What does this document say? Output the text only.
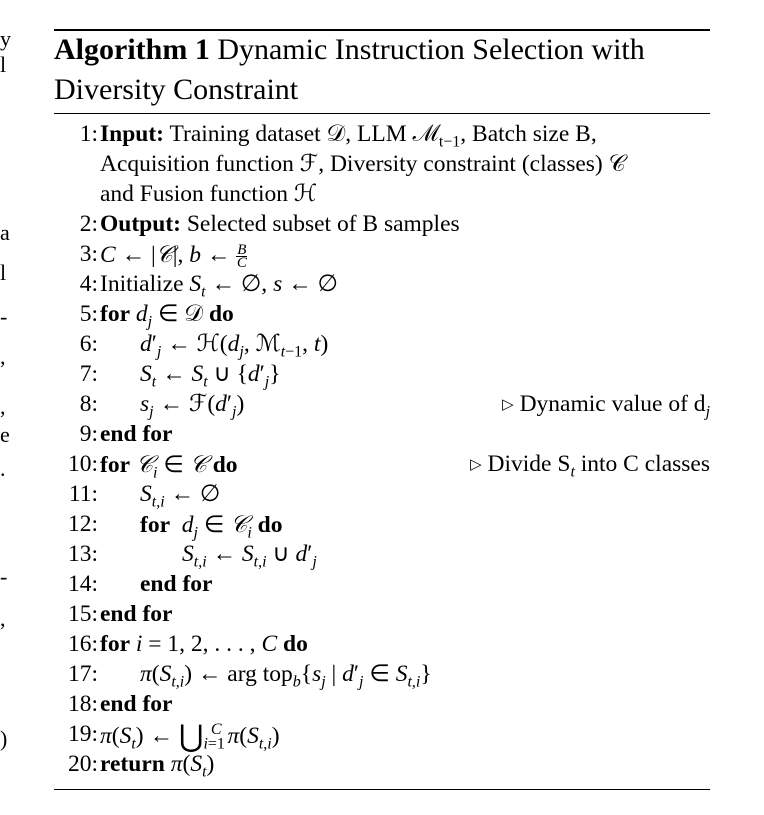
y
l
a
l
-
,
,
e
.
-
,
)
Algorithm 1 Dynamic Instruction Selection with
Diversity Constraint
1: Input: Training dataset 𝒟, LLM ℳ$_{t-1}$, Batch size B,
Acquisition function ℱ, Diversity constraint (classes) 𝒞
and Fusion function ℋ
2: Output: Selected subset of B samples
3: C ← |𝒞|, b ← $\frac{B}{C}$
4: Initialize $S_t$ ← ∅, s ← ∅
5: for $d_j$ ∈ 𝒟 do
6: $d'_j$ ← $ℋ(d_j$, ℳ$_{t-1}$, t)
7: $S_t$ ← $S_t$ ∪ $\{d'_j\}$
8: $s_j$ ← $ℱ(d'_j)$	▷ Dynamic value of $d_j$
9: end for
10: for 𝒞$_i$ ∈ 𝒞 do	▷ Divide $S_t$ into C classes
11: $S_{t,i}$ ← ∅
12: for $d_j$ ∈ 𝒞$_i$ do
13:	$S_{t,i}$ ← $S_{t,i}$ ∪ $d'_j$
14: end for
15: end for
16: for i = 1, 2, . . . , C do
17: $\pi(S_{t,i})$ ← arg $top_b\{s_j$ | $d'_j$ ∈ $S_{t,i}$}
18: end for
19: $\pi(S_t)$ ← $⋃_{i=1}^C$ $\pi(S_{t,i})$
20: return $\pi(S_t)$
